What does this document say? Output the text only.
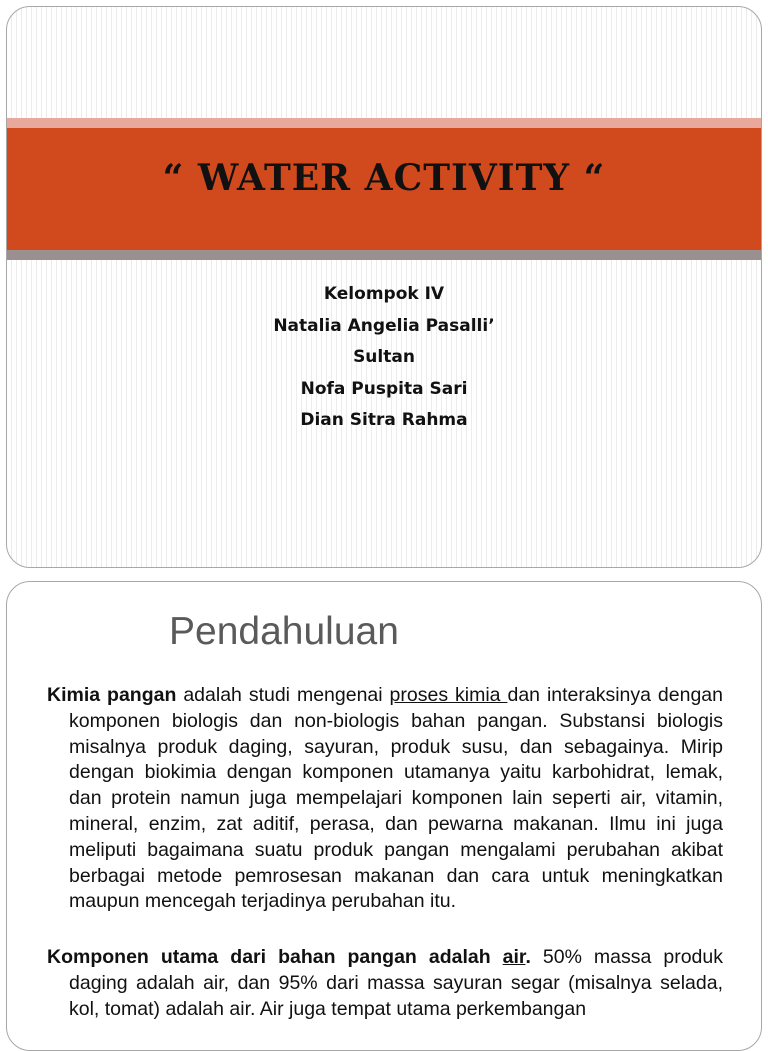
“ WATER ACTIVITY “
Kelompok IV
Natalia Angelia Pasalli’
Sultan
Nofa Puspita Sari
Dian Sitra Rahma
Pendahuluan
Kimia pangan adalah studi mengenai proses kimia dan interaksinya dengan komponen biologis dan non-biologis bahan pangan. Substansi biologis misalnya produk daging, sayuran, produk susu, dan sebagainya. Mirip dengan biokimia dengan komponen utamanya yaitu karbohidrat, lemak, dan protein namun juga mempelajari komponen lain seperti air, vitamin, mineral, enzim, zat aditif, perasa, dan pewarna makanan. Ilmu ini juga meliputi bagaimana suatu produk pangan mengalami perubahan akibat berbagai metode pemrosesan makanan dan cara untuk meningkatkan maupun mencegah terjadinya perubahan itu.
Komponen utama dari bahan pangan adalah air. 50% massa produk daging adalah air, dan 95% dari massa sayuran segar (misalnya selada, kol, tomat) adalah air. Air juga tempat utama perkembangan
